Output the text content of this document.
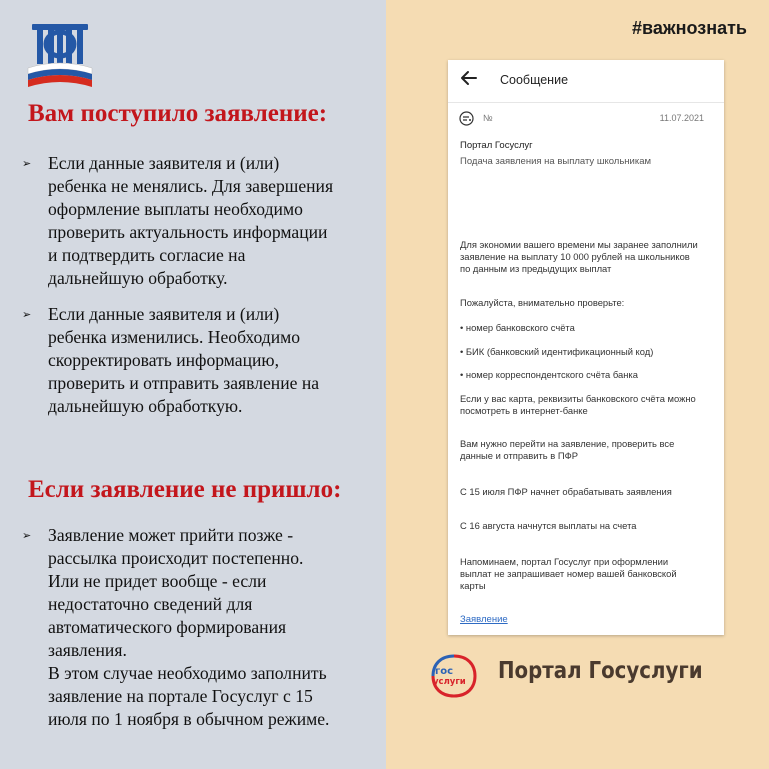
Вам поступило заявление:
➢ Если данные заявителя и (или)
ребенка не менялись. Для завершения
оформление выплаты необходимо
проверить актуальность информации
и подтвердить согласие на
дальнейшую обработку.
➢ Если данные заявителя и (или)
ребенка изменились. Необходимо
скорректировать информацию,
проверить и отправить заявление на
дальнейшую обработкую.
Если заявление не пришло:
➢ Заявление может прийти позже -
рассылка происходит постепенно.
Или не придет вообще - если
недостаточно сведений для
автоматического формирования
заявления.
В этом случае необходимо заполнить
заявление на портале Госуслуг с 15
июля по 1 ноября в обычном режиме.
#важнознать
Сообщение
№	11.07.2021
Портал Госуслуг
Подача заявления на выплату школьникам
Для экономии вашего времени мы заранее заполнили
заявление на выплату 10 000 рублей на школьников
по данным из предыдущих выплат
Пожалуйста, внимательно проверьте:
• номер банковского счёта
• БИК (банковский идентификационный код)
• номер корреспондентского счёта банка
Если у вас карта, реквизиты банковского счёта можно
посмотреть в интернет-банке
Вам нужно перейти на заявление, проверить все
данные и отправить в ПФР
С 15 июля ПФР начнет обрабатывать заявления
С 16 августа начнутся выплаты на счета
Напоминаем, портал Госуслуг при оформлении
выплат не запрашивает номер вашей банковской
карты
Заявление
гос
услуги Портал Госуслуги
